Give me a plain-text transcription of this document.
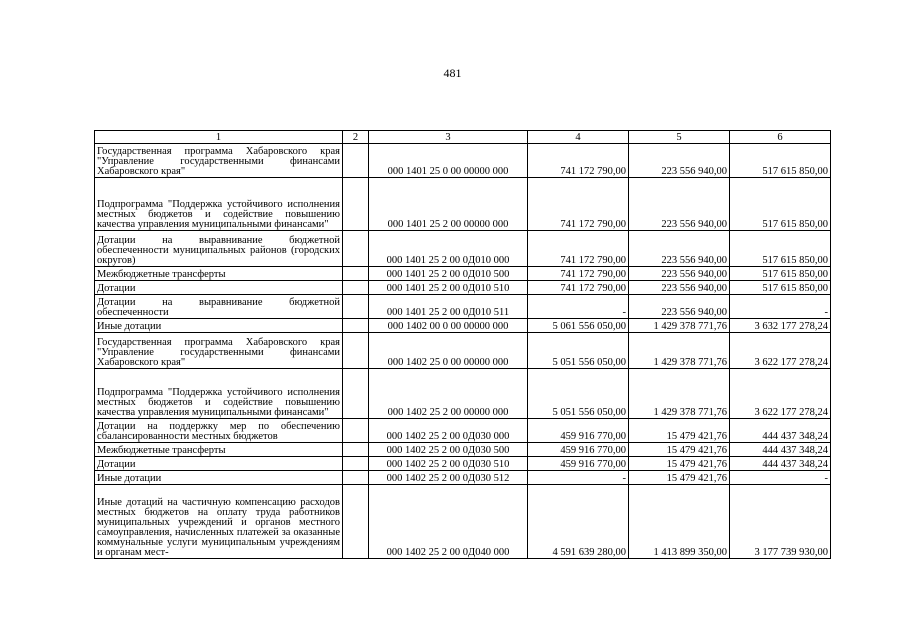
481
1	2	3	4	5	6
Государственная программа Хабаровского края "Управление государственными финансами Хабаровского края"		000 1401 25 0 00 00000 000	741 172 790,00	223 556 940,00	517 615 850,00
Подпрограмма "Поддержка устойчивого исполнения местных бюджетов и содействие повышению качества управления муниципальными финансами"		000 1401 25 2 00 00000 000	741 172 790,00	223 556 940,00	517 615 850,00
Дотации на выравнивание бюджетной обеспеченности муниципальных районов (городских округов)		000 1401 25 2 00 0Д010 000	741 172 790,00	223 556 940,00	517 615 850,00
Межбюджетные трансферты		000 1401 25 2 00 0Д010 500	741 172 790,00	223 556 940,00	517 615 850,00
Дотации		000 1401 25 2 00 0Д010 510	741 172 790,00	223 556 940,00	517 615 850,00
Дотации на выравнивание бюджетной обеспеченности		000 1401 25 2 00 0Д010 511	-	223 556 940,00	-
Иные дотации		000 1402 00 0 00 00000 000	5 061 556 050,00	1 429 378 771,76	3 632 177 278,24
Государственная программа Хабаровского края "Управление государственными финансами Хабаровского края"		000 1402 25 0 00 00000 000	5 051 556 050,00	1 429 378 771,76	3 622 177 278,24
Подпрограмма "Поддержка устойчивого исполнения местных бюджетов и содействие повышению качества управления муниципальными финансами"		000 1402 25 2 00 00000 000	5 051 556 050,00	1 429 378 771,76	3 622 177 278,24
Дотации на поддержку мер по обеспечению сбалансированности местных бюджетов		000 1402 25 2 00 0Д030 000	459 916 770,00	15 479 421,76	444 437 348,24
Межбюджетные трансферты		000 1402 25 2 00 0Д030 500	459 916 770,00	15 479 421,76	444 437 348,24
Дотации		000 1402 25 2 00 0Д030 510	459 916 770,00	15 479 421,76	444 437 348,24
Иные дотации		000 1402 25 2 00 0Д030 512	-	15 479 421,76	-
Иные дотаций на частичную компенсацию расходов местных бюджетов на оплату труда работников муниципальных учреждений и органов местного самоуправления, начисленных платежей за оказанные коммунальные услуги муниципальным учреждениям и органам мест-		000 1402 25 2 00 0Д040 000	4 591 639 280,00	1 413 899 350,00	3 177 739 930,00
